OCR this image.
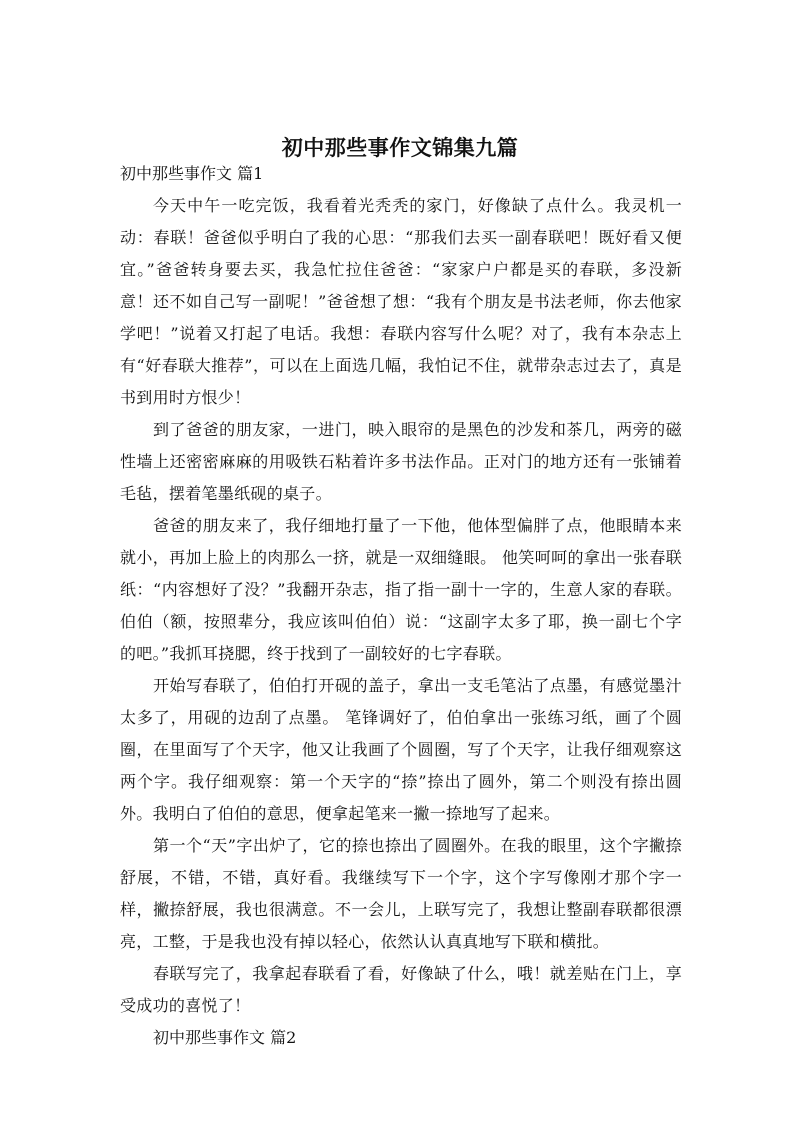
初中那些事作文锦集九篇

初中那些事作文 篇1

今天中午一吃完饭，我看着光秃秃的家门，好像缺了点什么。我灵机一动：春联！爸爸似乎明白了我的心思：“那我们去买一副春联吧！既好看又便宜。”爸爸转身要去买，我急忙拉住爸爸：“家家户户都是买的春联，多没新意！还不如自己写一副呢！”爸爸想了想：“我有个朋友是书法老师，你去他家学吧！”说着又打起了电话。我想：春联内容写什么呢？对了，我有本杂志上有“好春联大推荐”，可以在上面选几幅，我怕记不住，就带杂志过去了，真是书到用时方恨少！

到了爸爸的朋友家，一进门，映入眼帘的是黑色的沙发和茶几，两旁的磁性墙上还密密麻麻的用吸铁石粘着许多书法作品。正对门的地方还有一张铺着毛毡，摆着笔墨纸砚的桌子。

爸爸的朋友来了，我仔细地打量了一下他，他体型偏胖了点，他眼睛本来就小，再加上脸上的肉那么一挤，就是一双细缝眼。 他笑呵呵的拿出一张春联纸：“内容想好了没？”我翻开杂志，指了指一副十一字的，生意人家的春联。伯伯（额，按照辈分，我应该叫伯伯）说：“这副字太多了耶，换一副七个字的吧。”我抓耳挠腮，终于找到了一副较好的七字春联。

开始写春联了，伯伯打开砚的盖子，拿出一支毛笔沾了点墨，有感觉墨汁太多了，用砚的边刮了点墨。 笔锋调好了，伯伯拿出一张练习纸，画了个圆圈，在里面写了个天字，他又让我画了个圆圈，写了个天字，让我仔细观察这两个字。我仔细观察：第一个天字的“捺”捺出了圆外，第二个则没有捺出圆外。我明白了伯伯的意思，便拿起笔来一撇一捺地写了起来。

第一个“天”字出炉了，它的捺也捺出了圆圈外。在我的眼里，这个字撇捺舒展，不错，不错，真好看。我继续写下一个字，这个字写像刚才那个字一样，撇捺舒展，我也很满意。不一会儿，上联写完了，我想让整副春联都很漂亮，工整，于是我也没有掉以轻心，依然认认真真地写下联和横批。

春联写完了，我拿起春联看了看，好像缺了什么，哦！就差贴在门上，享受成功的喜悦了！

初中那些事作文 篇2
